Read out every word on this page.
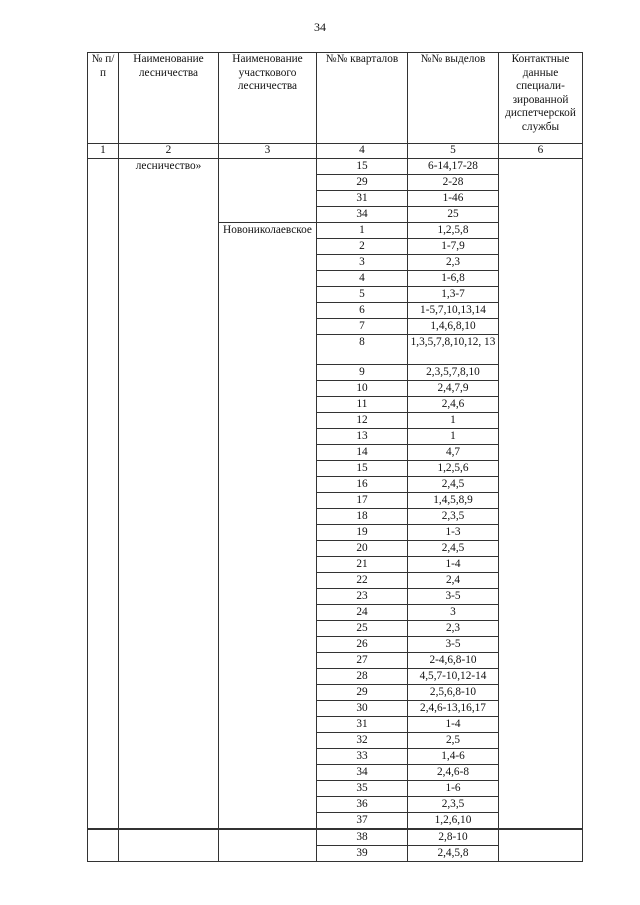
34
№ п/п	Наименование лесничества	Наименование участкового лесничества	№№ кварталов	№№ выделов	Контактные данные специали-зированной диспетчерской службы
1	2	3	4	5	6
	лесничество»		15	6-14,17-28	
			29	2-28	
			31	1-46	
			34	25	
		Новониколаевское	1	1,2,5,8	
			2	1-7,9	
			3	2,3	
			4	1-6,8	
			5	1,3-7	
			6	1-5,7,10,13,14	
			7	1,4,6,8,10	
			8	1,3,5,7,8,10,12, 13	
			9	2,3,5,7,8,10	
			10	2,4,7,9	
			11	2,4,6	
			12	1	
			13	1	
			14	4,7	
			15	1,2,5,6	
			16	2,4,5	
			17	1,4,5,8,9	
			18	2,3,5	
			19	1-3	
			20	2,4,5	
			21	1-4	
			22	2,4	
			23	3-5	
			24	3	
			25	2,3	
			26	3-5	
			27	2-4,6,8-10	
			28	4,5,7-10,12-14	
			29	2,5,6,8-10	
			30	2,4,6-13,16,17	
			31	1-4	
			32	2,5	
			33	1,4-6	
			34	2,4,6-8	
			35	1-6	
			36	2,3,5	
			37	1,2,6,10	
			38	2,8-10	
			39	2,4,5,8	
